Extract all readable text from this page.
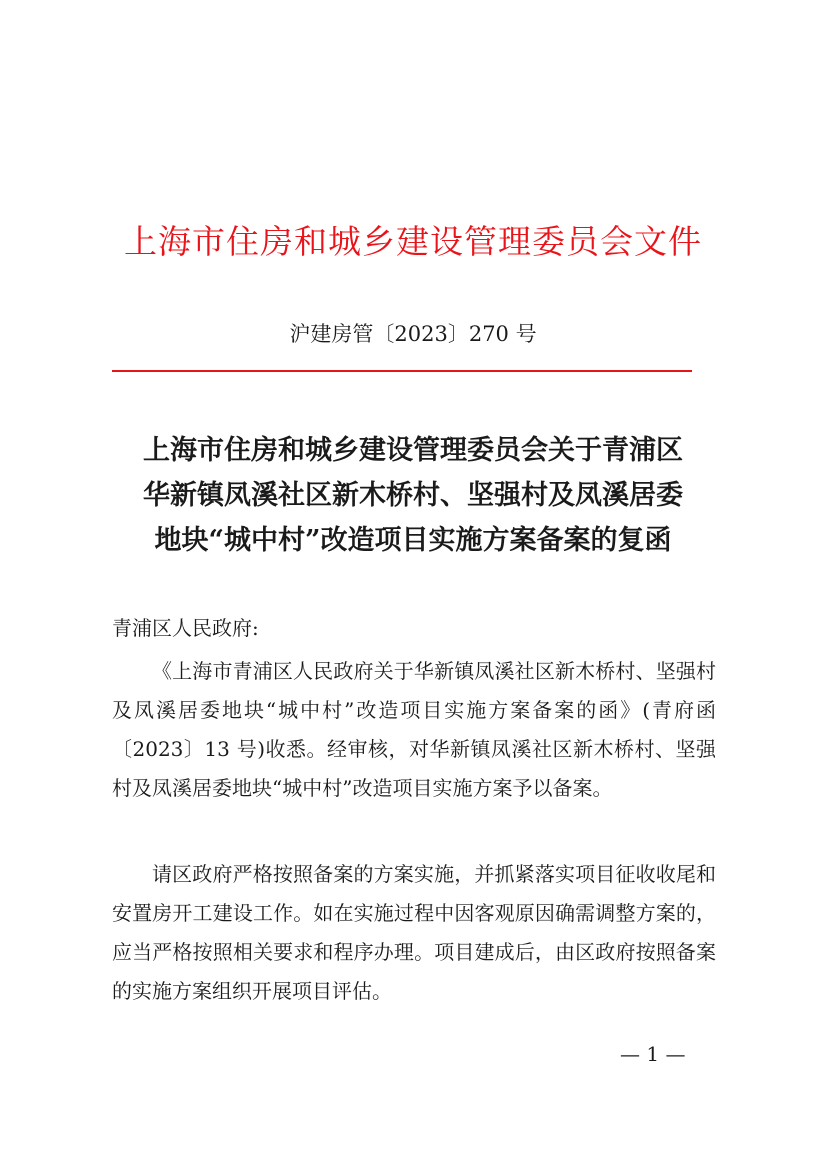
上海市住房和城乡建设管理委员会文件
沪建房管〔2023〕270 号
上海市住房和城乡建设管理委员会关于青浦区
华新镇凤溪社区新木桥村、坚强村及凤溪居委
地块“城中村”改造项目实施方案备案的复函
青浦区人民政府:

《上海市青浦区人民政府关于华新镇凤溪社区新木桥村、坚强村及凤溪居委地块“城中村”改造项目实施方案备案的函》(青府函〔2023〕13 号)收悉。经审核，对华新镇凤溪社区新木桥村、坚强村及凤溪居委地块“城中村”改造项目实施方案予以备案。

请区政府严格按照备案的方案实施，并抓紧落实项目征收收尾和安置房开工建设工作。如在实施过程中因客观原因确需调整方案的，应当严格按照相关要求和程序办理。项目建成后，由区政府按照备案的实施方案组织开展项目评估。

— 1 —
